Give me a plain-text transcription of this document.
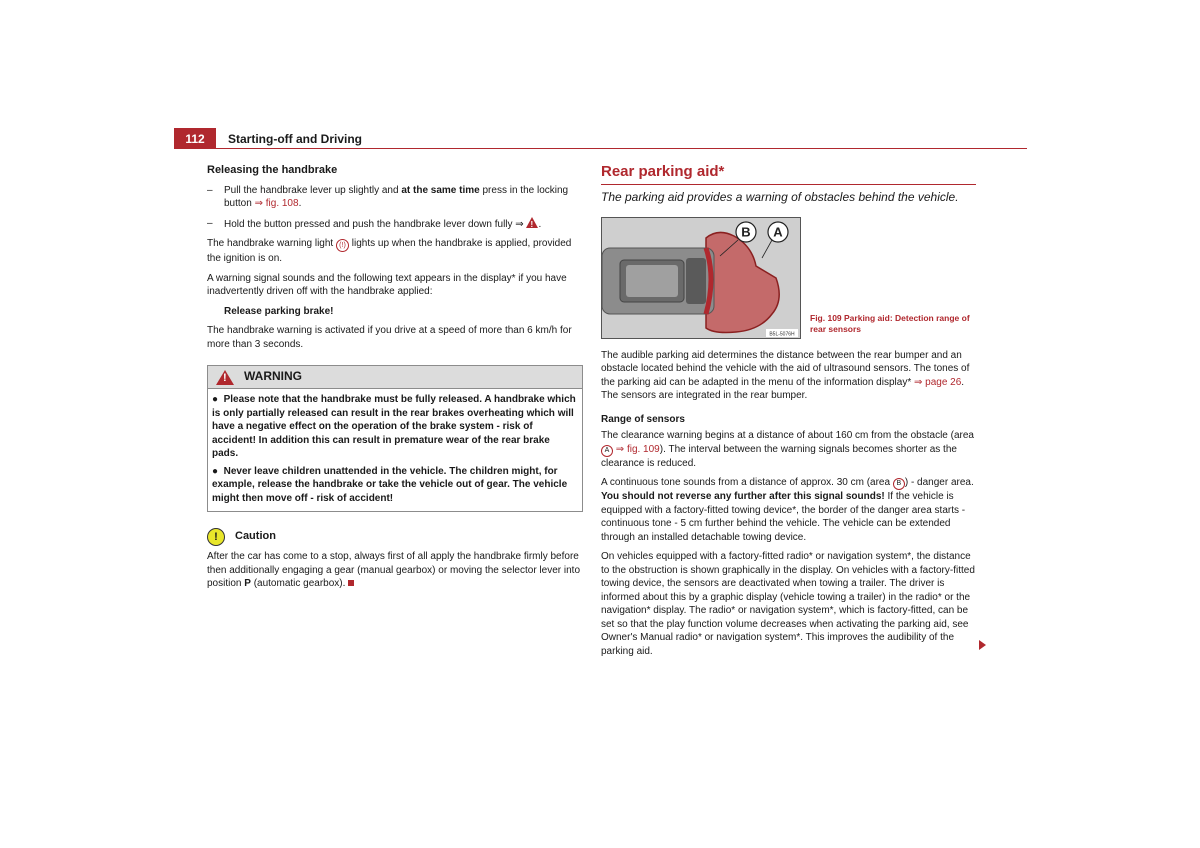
112	Starting-off and Driving
Releasing the handbrake
–	Pull the handbrake lever up slightly and at the same time press in the locking button ⇒ fig. 108.
–	Hold the button pressed and push the handbrake lever down fully ⇒ ! .

The handbrake warning light (!) lights up when the handbrake is applied, provided the ignition is on.

A warning signal sounds and the following text appears in the display* if you have inadvertently driven off with the handbrake applied:

Release parking brake!

The handbrake warning is activated if you drive at a speed of more than 6 km/h for more than 3 seconds.

!
WARNING

●  Please note that the handbrake must be fully released. A handbrake which is only partially released can result in the rear brakes overheating which will have a negative effect on the operation of the brake system - risk of accident! In addition this can result in premature wear of the rear brake pads.

●  Never leave children unattended in the vehicle. The children might, for example, release the handbrake or take the vehicle out of gear. The vehicle might then move off - risk of accident!

!	Caution

After the car has come to a stop, always first of all apply the handbrake firmly before then additionally engaging a gear (manual gearbox) or moving the selector lever into position P (automatic gearbox).

Rear parking aid*

The parking aid provides a warning of obstacles behind the vehicle.

B A
B5L-5076H
Fig. 109 Parking aid: Detection range of rear sensors

The audible parking aid determines the distance between the rear bumper and an obstacle located behind the vehicle with the aid of ultrasound sensors. The tones of the parking aid can be adapted in the menu of the information display* ⇒ page 26. The sensors are integrated in the rear bumper.

Range of sensors

The clearance warning begins at a distance of about 160 cm from the obstacle (area A ⇒ fig. 109). The interval between the warning signals becomes shorter as the clearance is reduced.

A continuous tone sounds from a distance of approx. 30 cm (area B ) - danger area. You should not reverse any further after this signal sounds! If the vehicle is equipped with a factory-fitted towing device*, the border of the danger area starts - continuous tone - 5 cm further behind the vehicle. The vehicle can be extended through an installed detachable towing device.

On vehicles equipped with a factory-fitted radio* or navigation system*, the distance to the obstruction is shown graphically in the display. On vehicles with a factory-fitted towing device, the sensors are deactivated when towing a trailer. The driver is informed about this by a graphic display (vehicle towing a trailer) in the radio* or the navigation* display. The radio* or navigation system*, which is factory-fitted, can be set so that the play function volume decreases when activating the parking aid, see Owner's Manual radio* or navigation system*. This improves the audibility of the parking aid.
